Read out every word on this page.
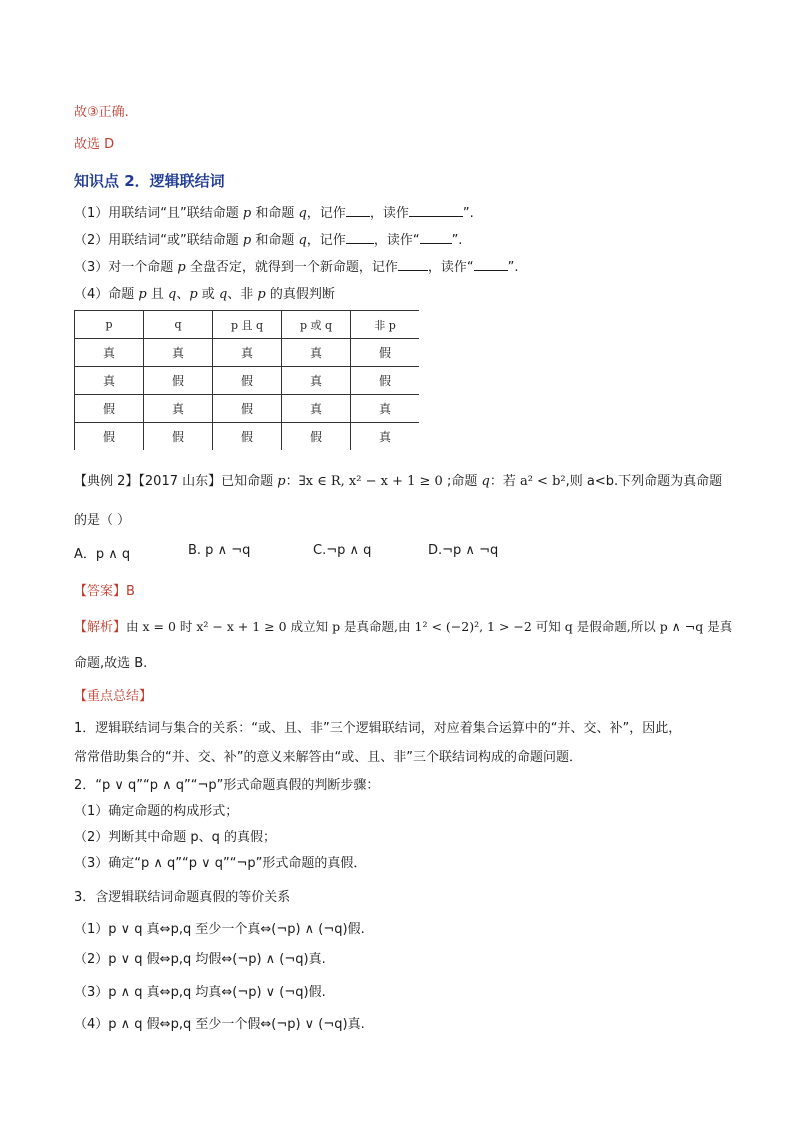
故③正确.
故选 D
知识点 2．逻辑联结词
（1）用联结词“且”联结命题 p 和命题 q，记作 ，读作	”.
（2）用联结词“或”联结命题 p 和命题 q，记作 ，读作“ ”.
（3）对一个命题 p 全盘否定，就得到一个新命题，记作 ，读作“	”.
（4）命题 p 且 q、p 或 q、非 p 的真假判断
p	q	p 且 q	p 或 q	非 p
真	真	真	真	假
真	假	假	真	假
假	真	假	真	真
假	假	假	假	真
【典例 2】【2017 山东】已知命题 p：∃x ∈ R, x² − x + 1 ≥ 0 ;命题 q：若 a² < b²,则 a<b.下列命题为真命题
的是（ ）
A．p ∧ q	B. p ∧ ¬q	C.¬p ∧ q	D.¬p ∧ ¬q
【答案】B
【解析】由 x = 0 时 x² − x + 1 ≥ 0 成立知 p 是真命题,由 1² < (−2)², 1 > −2 可知 q 是假命题,所以 p ∧ ¬q 是真
命题,故选 B.
【重点总结】
1．逻辑联结词与集合的关系：“或、且、非”三个逻辑联结词，对应着集合运算中的“并、交、补”，因此，
常常借助集合的“并、交、补”的意义来解答由“或、且、非”三个联结词构成的命题问题．
2．“p ∨ q”“p ∧ q”“¬p”形式命题真假的判断步骤：
（1）确定命题的构成形式；
（2）判断其中命题 p、q 的真假；
（3）确定“p ∧ q”“p ∨ q”“¬p”形式命题的真假．
3．含逻辑联结词命题真假的等价关系
（1）p ∨ q 真⇔p,q 至少一个真⇔(¬p) ∧ (¬q)假.
（2）p ∨ q 假⇔p,q 均假⇔(¬p) ∧ (¬q)真.
（3）p ∧ q 真⇔p,q 均真⇔(¬p) ∨ (¬q)假.
（4）p ∧ q 假⇔p,q 至少一个假⇔(¬p) ∨ (¬q)真.
